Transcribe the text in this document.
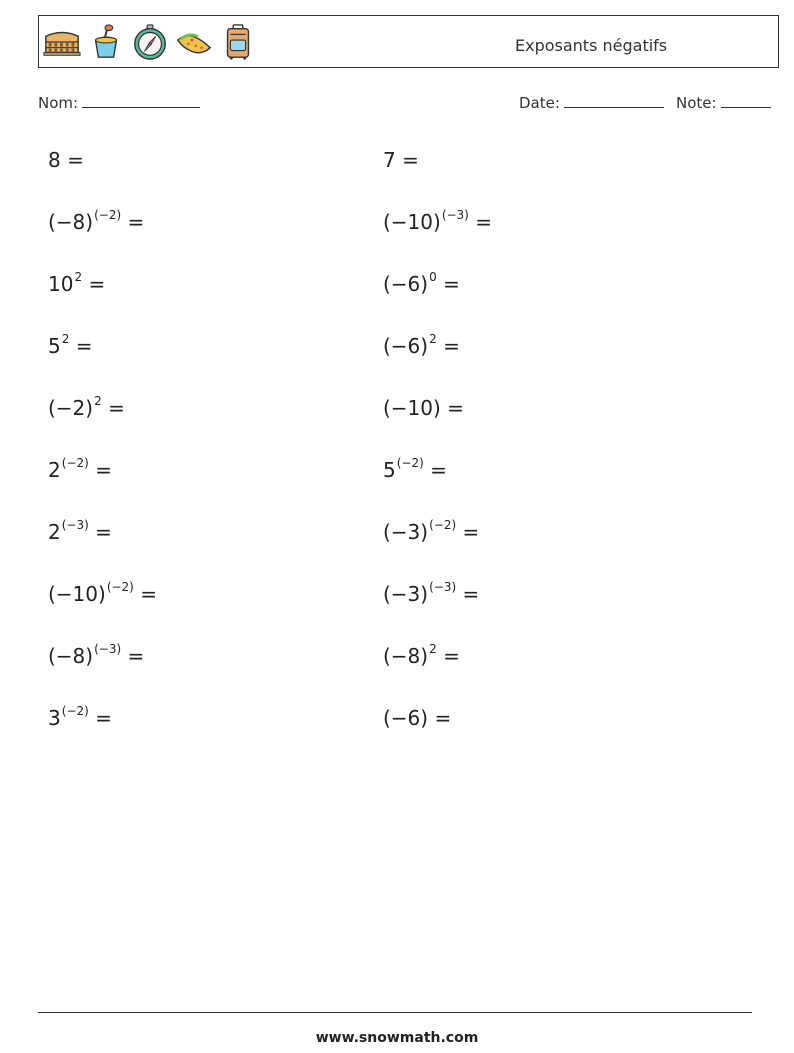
Exposants négatifs
Nom:	Date:	Note:
8 =
$(-8)^{(-2)}$ =
$10^2$ =
$5^2$ =
$(-2)^2$ =
$2^{(-2)}$ =
$2^{(-3)}$ =
$(-10)^{(-2)}$ =
$(-8)^{(-3)}$ =
$3^{(-2)}$ =
7 =
$(-10)^{(-3)}$ =
$(-6)^0$ =
$(-6)^2$ =
(−10) =
$5^{(-2)}$ =
$(-3)^{(-2)}$ =
$(-3)^{(-3)}$ =
$(-8)^2$ =
(−6) =
www.snowmath.com
